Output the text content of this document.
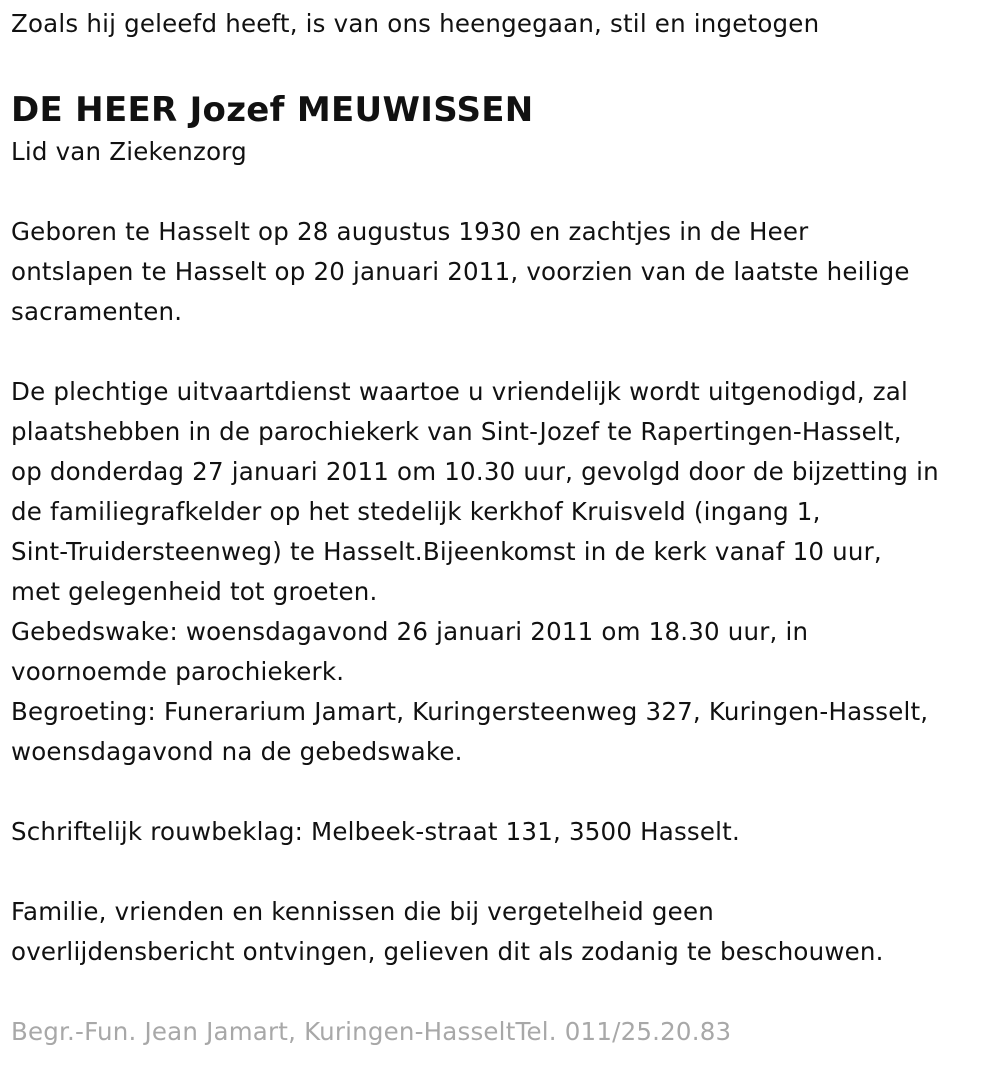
Zoals hij geleefd heeft, is van ons heengegaan, stil en ingetogen
DE HEER Jozef MEUWISSEN
Lid van Ziekenzorg
Geboren te Hasselt op 28 augustus 1930 en zachtjes in de Heer
ontslapen te Hasselt op 20 januari 2011, voorzien van de laatste heilige
sacramenten.
De plechtige uitvaartdienst waartoe u vriendelijk wordt uitgenodigd, zal
plaatshebben in de parochiekerk van Sint-Jozef te Rapertingen-Hasselt,
op donderdag 27 januari 2011 om 10.30 uur, gevolgd door de bijzetting in
de familiegrafkelder op het stedelijk kerkhof Kruisveld (ingang 1,
Sint-Truidersteenweg) te Hasselt.Bijeenkomst in de kerk vanaf 10 uur,
met gelegenheid tot groeten.
Gebedswake: woensdagavond 26 januari 2011 om 18.30 uur, in
voornoemde parochiekerk.
Begroeting: Funerarium Jamart, Kuringersteenweg 327, Kuringen-Hasselt,
woensdagavond na de gebedswake.
Schriftelijk rouwbeklag: Melbeek-straat 131, 3500 Hasselt.
Familie, vrienden en kennissen die bij vergetelheid geen
overlijdensbericht ontvingen, gelieven dit als zodanig te beschouwen.
Begr.-Fun. Jean Jamart, Kuringen-HasseltTel. 011/25.20.83
